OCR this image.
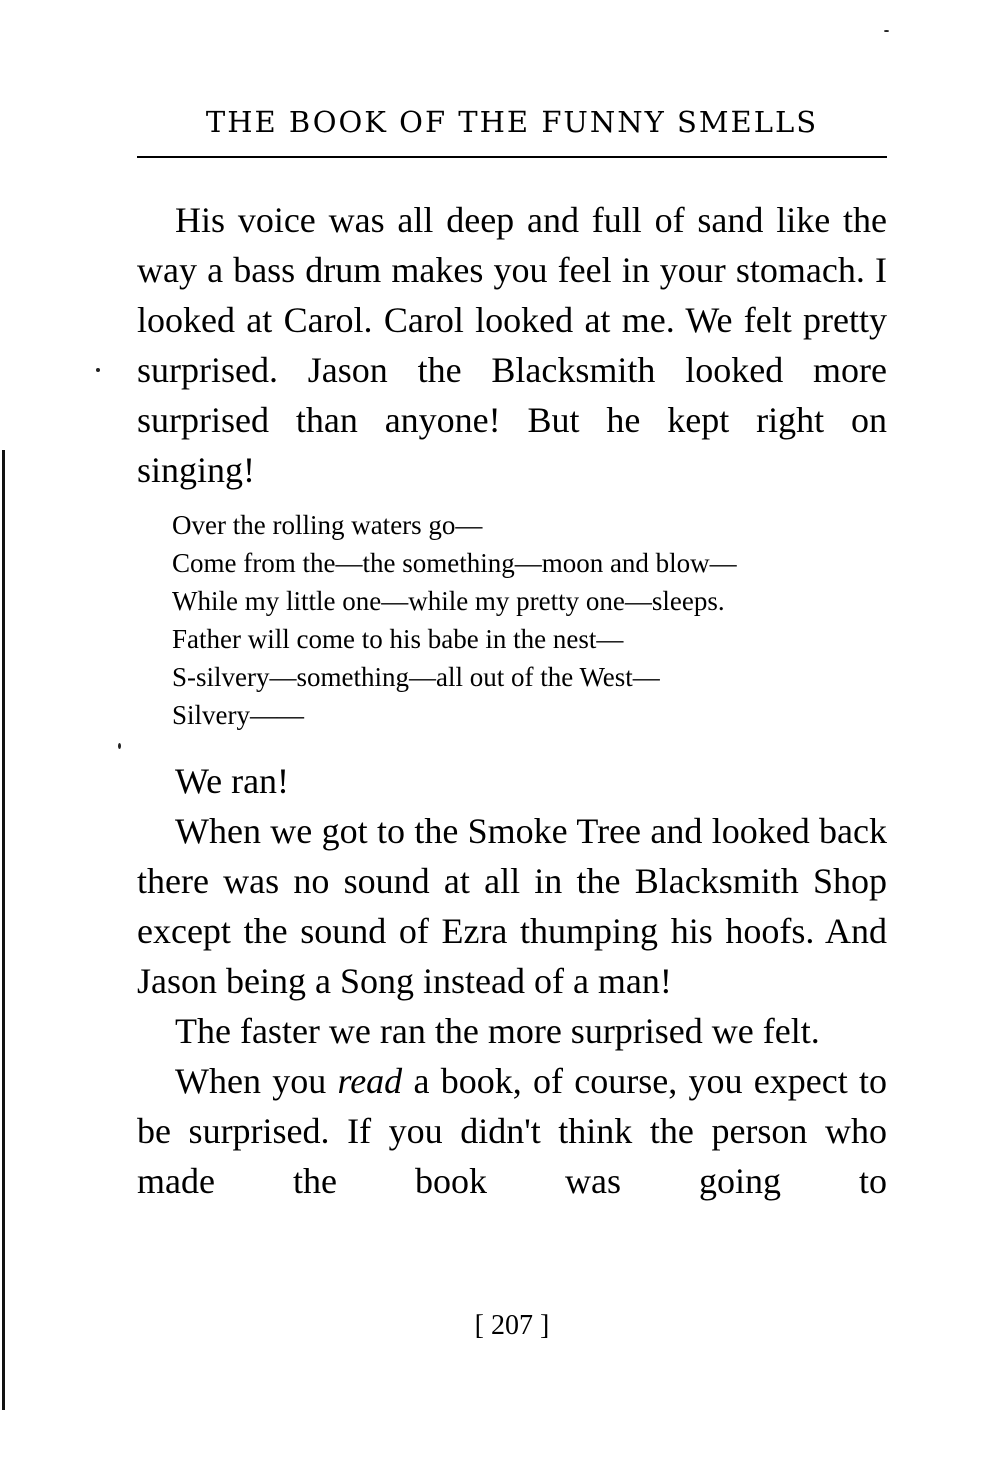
THE BOOK OF THE FUNNY SMELLS

His voice was all deep and full of sand like the way a bass drum makes you feel in your stomach. I looked at Carol. Carol looked at me. We felt pretty surprised. Jason the Blacksmith looked more surprised than anyone! But he kept right on singing!

Over the rolling waters go—
Come from the—the something—moon and blow—
While my little one—while my pretty one—sleeps.
Father will come to his babe in the nest—
S-silvery—something—all out of the West—
Silvery——

We ran!

When we got to the Smoke Tree and looked back there was no sound at all in the Blacksmith Shop except the sound of Ezra thumping his hoofs. And Jason being a Song instead of a man!

The faster we ran the more surprised we felt.

When you read a book, of course, you expect to be surprised. If you didn't think the person who made the book was going to

[ 207 ]
